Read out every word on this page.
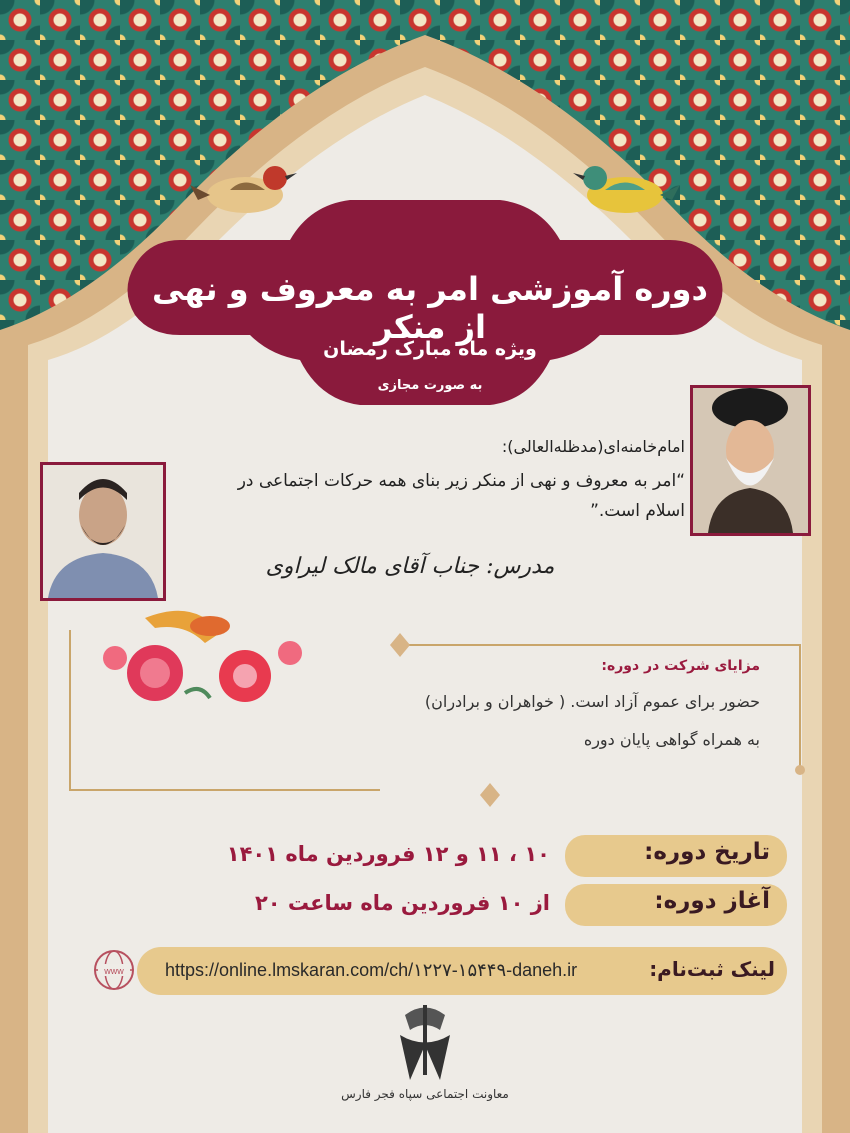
دوره آموزشی امر به معروف و نهی از منکر
ویژه ماه مبارک رمضان
به صورت مجازی
امام‌خامنه‌ای(مدظله‌العالی):
“امر به معروف و نهی از منکر زیر بنای همه حرکات اجتماعی در
اسلام است.”
مدرس: جناب آقای مالک لیراوی
مزایای شرکت در دوره:
حضور برای عموم آزاد است. ( خواهران و برادران)
به همراه گواهی پایان دوره
تاریخ دوره:
۱۰ ، ۱۱ و ۱۲ فروردین ماه ۱۴۰۱
آغاز دوره:
از ۱۰ فروردین ماه ساعت ۲۰
لینک ثبت‌نام:
https://online.lmskaran.com/ch/۱۲۲۷-۱۵۴۴۹-daneh.ir
www
معاونت اجتماعی سپاه فجر فارس
